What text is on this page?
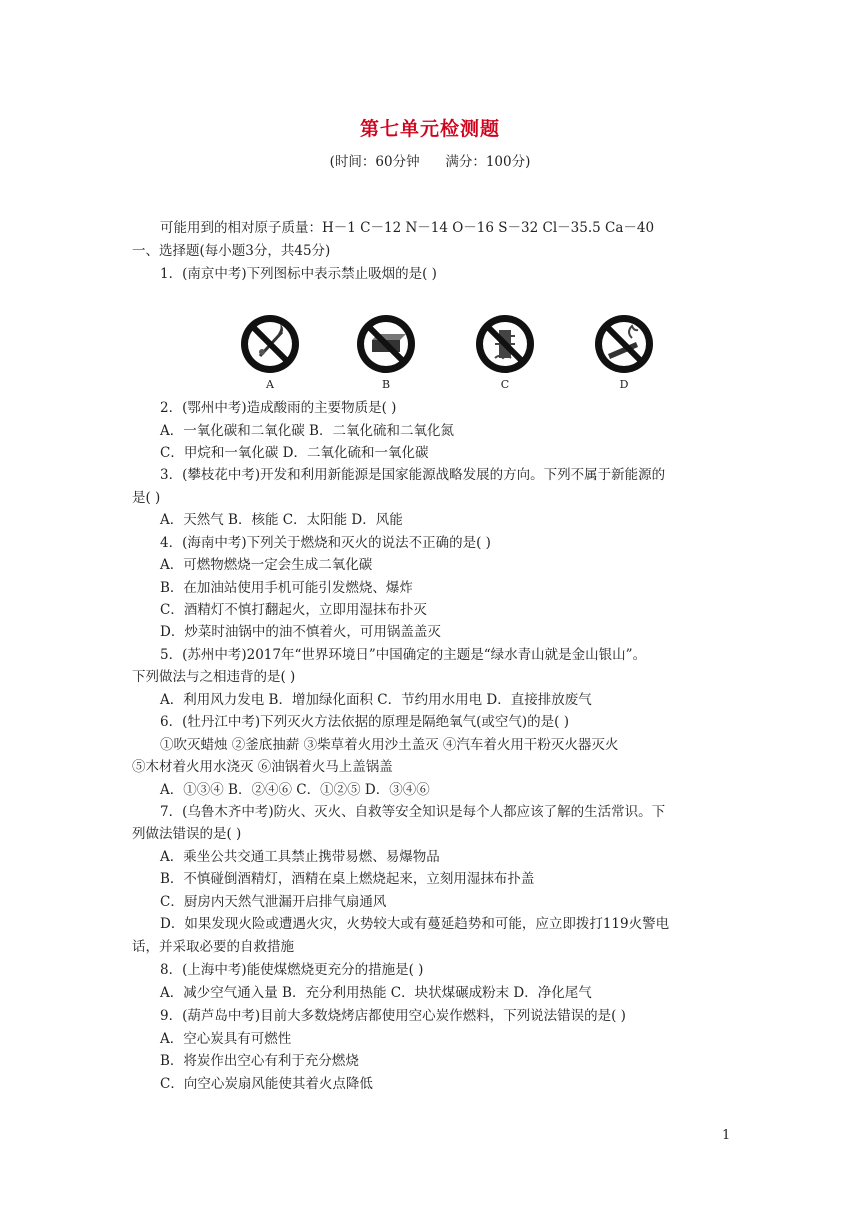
第七单元检测题
(时间：60分钟      满分：100分)
可能用到的相对原子质量：H－1 C－12 N－14 O－16 S－32 Cl－35.5 Ca－40
一、选择题(每小题3分，共45分)
1．(南京中考)下列图标中表示禁止吸烟的是( )
A	B	C	D
2．(鄂州中考)造成酸雨的主要物质是( )
A．一氧化碳和二氧化碳 B．二氧化硫和二氧化氮
C．甲烷和一氧化碳 D．二氧化硫和一氧化碳
3．(攀枝花中考)开发和利用新能源是国家能源战略发展的方向。下列不属于新能源的
是( )
A．天然气 B．核能 C．太阳能 D．风能
4．(海南中考)下列关于燃烧和灭火的说法不正确的是( )
A．可燃物燃烧一定会生成二氧化碳
B．在加油站使用手机可能引发燃烧、爆炸
C．酒精灯不慎打翻起火，立即用湿抹布扑灭
D．炒菜时油锅中的油不慎着火，可用锅盖盖灭
5．(苏州中考)2017年“世界环境日”中国确定的主题是“绿水青山就是金山银山”。
下列做法与之相违背的是( )
A．利用风力发电 B．增加绿化面积 C．节约用水用电 D．直接排放废气
6．(牡丹江中考)下列灭火方法依据的原理是隔绝氧气(或空气)的是( )
①吹灭蜡烛 ②釜底抽薪 ③柴草着火用沙土盖灭 ④汽车着火用干粉灭火器灭火
⑤木材着火用水浇灭 ⑥油锅着火马上盖锅盖
A．①③④ B．②④⑥ C．①②⑤ D．③④⑥
7．(乌鲁木齐中考)防火、灭火、自救等安全知识是每个人都应该了解的生活常识。下
列做法错误的是( )
A．乘坐公共交通工具禁止携带易燃、易爆物品
B．不慎碰倒酒精灯，酒精在桌上燃烧起来，立刻用湿抹布扑盖
C．厨房内天然气泄漏开启排气扇通风
D．如果发现火险或遭遇火灾，火势较大或有蔓延趋势和可能，应立即拨打119火警电
话，并采取必要的自救措施
8．(上海中考)能使煤燃烧更充分的措施是( )
A．减少空气通入量 B．充分利用热能 C．块状煤碾成粉末 D．净化尾气
9．(葫芦岛中考)目前大多数烧烤店都使用空心炭作燃料，下列说法错误的是( )
A．空心炭具有可燃性
B．将炭作出空心有利于充分燃烧
C．向空心炭扇风能使其着火点降低
1
